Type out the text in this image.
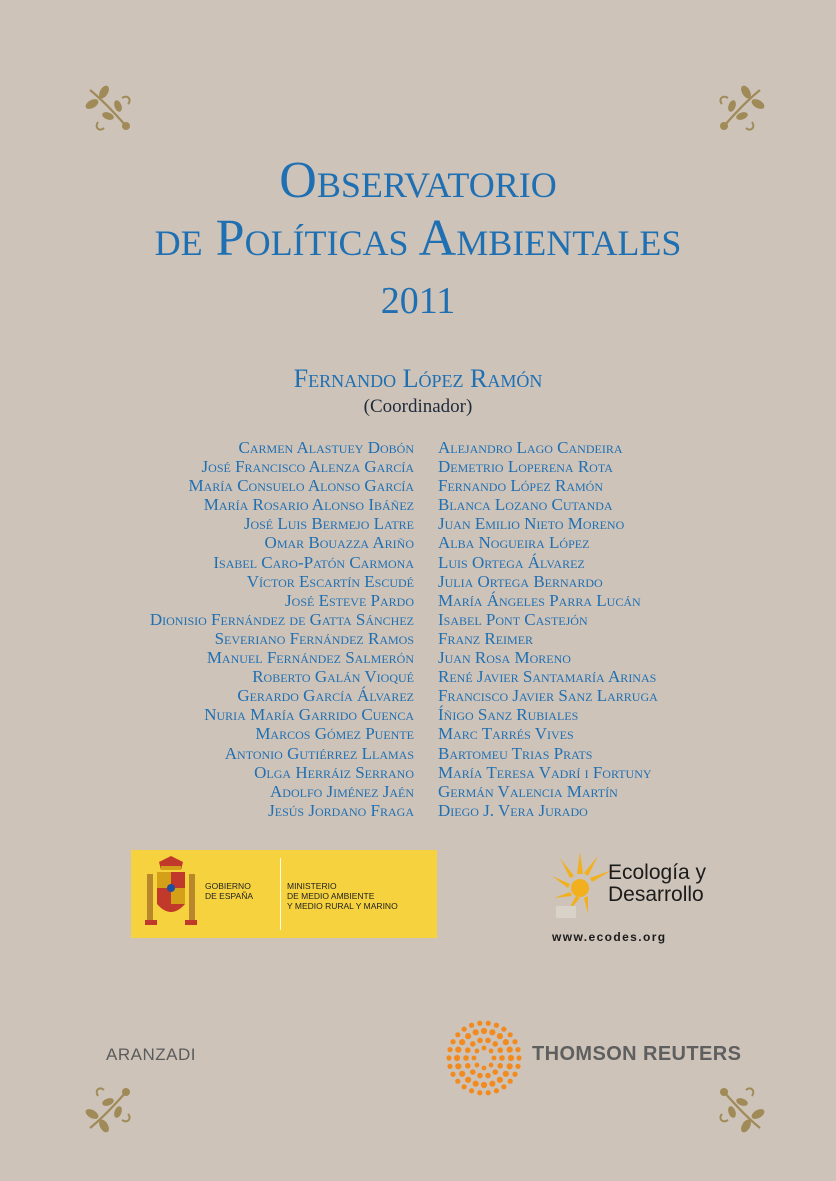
Observatorio
de Políticas Ambientales
2011
Fernando López Ramón
(Coordinador)
Carmen Alastuey Dobón
José Francisco Alenza García
María Consuelo Alonso García
María Rosario Alonso Ibáñez
José Luis Bermejo Latre
Omar Bouazza Ariño
Isabel Caro-Patón Carmona
Víctor Escartín Escudé
José Esteve Pardo
Dionisio Fernández de Gatta Sánchez
Severiano Fernández Ramos
Manuel Fernández Salmerón
Roberto Galán Vioqué
Gerardo García Álvarez
Nuria María Garrido Cuenca
Marcos Gómez Puente
Antonio Gutiérrez Llamas
Olga Herráiz Serrano
Adolfo Jiménez Jaén
Jesús Jordano Fraga
Alejandro Lago Candeira
Demetrio Loperena Rota
Fernando López Ramón
Blanca Lozano Cutanda
Juan Emilio Nieto Moreno
Alba Nogueira López
Luis Ortega Álvarez
Julia Ortega Bernardo
María Ángeles Parra Lucán
Isabel Pont Castejón
Franz Reimer
Juan Rosa Moreno
René Javier Santamaría Arinas
Francisco Javier Sanz Larruga
Íñigo Sanz Rubiales
Marc Tarrés Vives
Bartomeu Trias Prats
María Teresa Vadrí i Fortuny
Germán Valencia Martín
Diego J. Vera Jurado
GOBIERNO
DE ESPAÑA
MINISTERIO
DE MEDIO AMBIENTE
Y MEDIO RURAL Y MARINO
Ecología y
Desarrollo
www.ecodes.org
ARANZADI	THOMSON REUTERS
